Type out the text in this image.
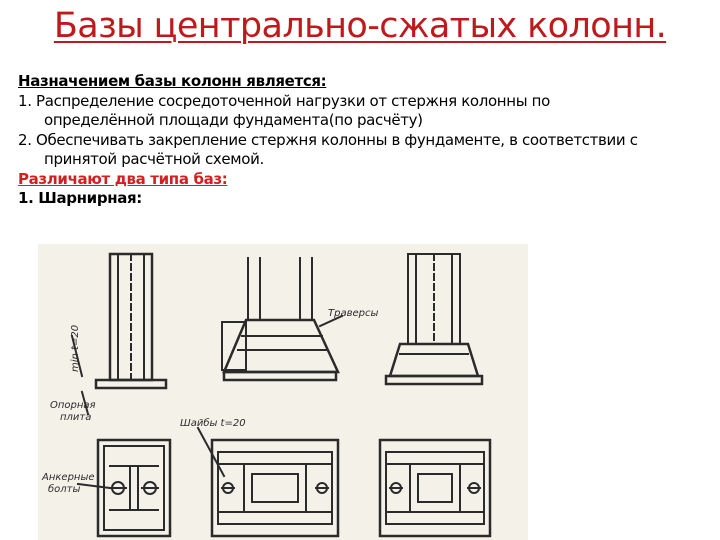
Базы центрально-сжатых колонн.
Назначением базы колонн является:
1. Распределение сосредоточенной нагрузки от стержня колонны по
определённой площади фундамента(по расчёту)
2. Обеспечивать закрепление стержня колонны в фундаменте, в соответствии с
принятой расчётной схемой.
Различают два типа баз:
1. Шарнирная:
Опорная
плита
min t=20
Траверсы
Шайбы t=20
Анкерные
болты
